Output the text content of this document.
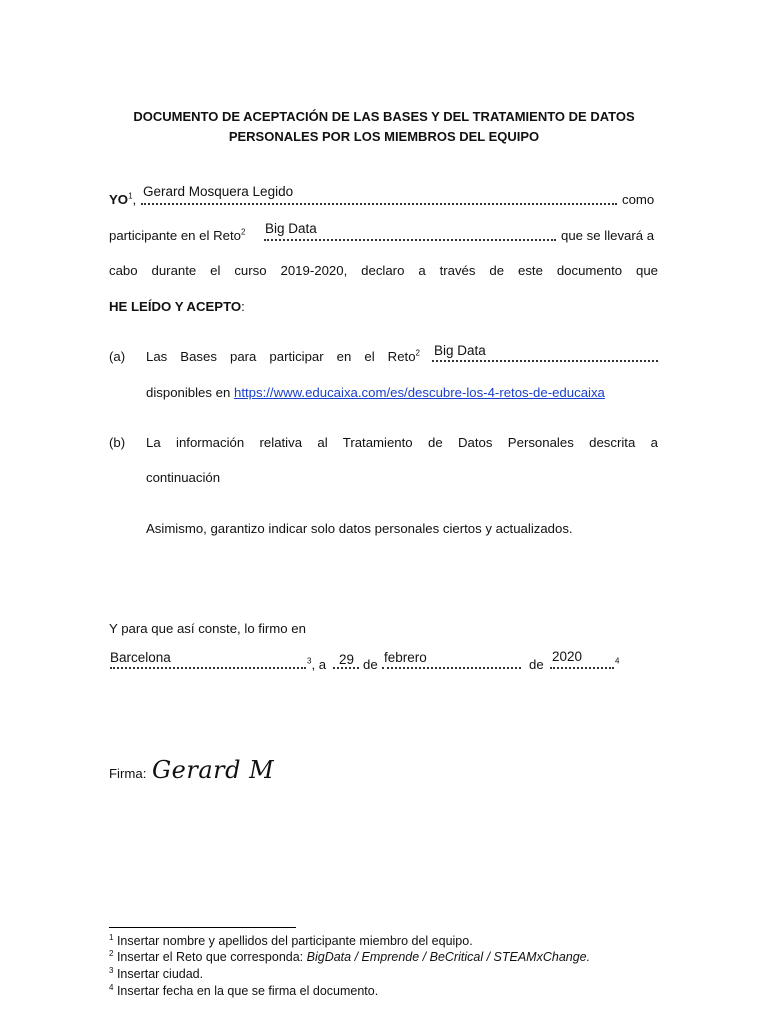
DOCUMENTO DE ACEPTACIÓN DE LAS BASES Y DEL TRATAMIENTO DE DATOS
PERSONALES POR LOS MIEMBROS DEL EQUIPO
$YO^1$,
Gerard Mosquera Legido
como
participante en el Reto$^2$ Big Data	que se llevará a
cabo durante el curso 2019-2020, declaro a través de este documento que
HE LEÍDO Y ACEPTO:
(a) Las Bases para participar en el Reto$^2$ Big Data
disponibles en https://www.educaixa.com/es/descubre-los-4-retos-de-educaixa
(b) La información relativa al Tratamiento de Datos Personales descrita a
continuación
Asimismo, garantizo indicar solo datos personales ciertos y actualizados.
Y para que así conste, lo firmo en
Barcelona	$^3$, a 29 de febrero	de
2020	$^4$
Firma: Gerard M
$^1$ Insertar nombre y apellidos del participante miembro del equipo.
$^2$ Insertar el Reto que corresponda: BigData / Emprende / BeCritical / STEAMxChange.
$^3$ Insertar ciudad.
$^4$ Insertar fecha en la que se firma el documento.
